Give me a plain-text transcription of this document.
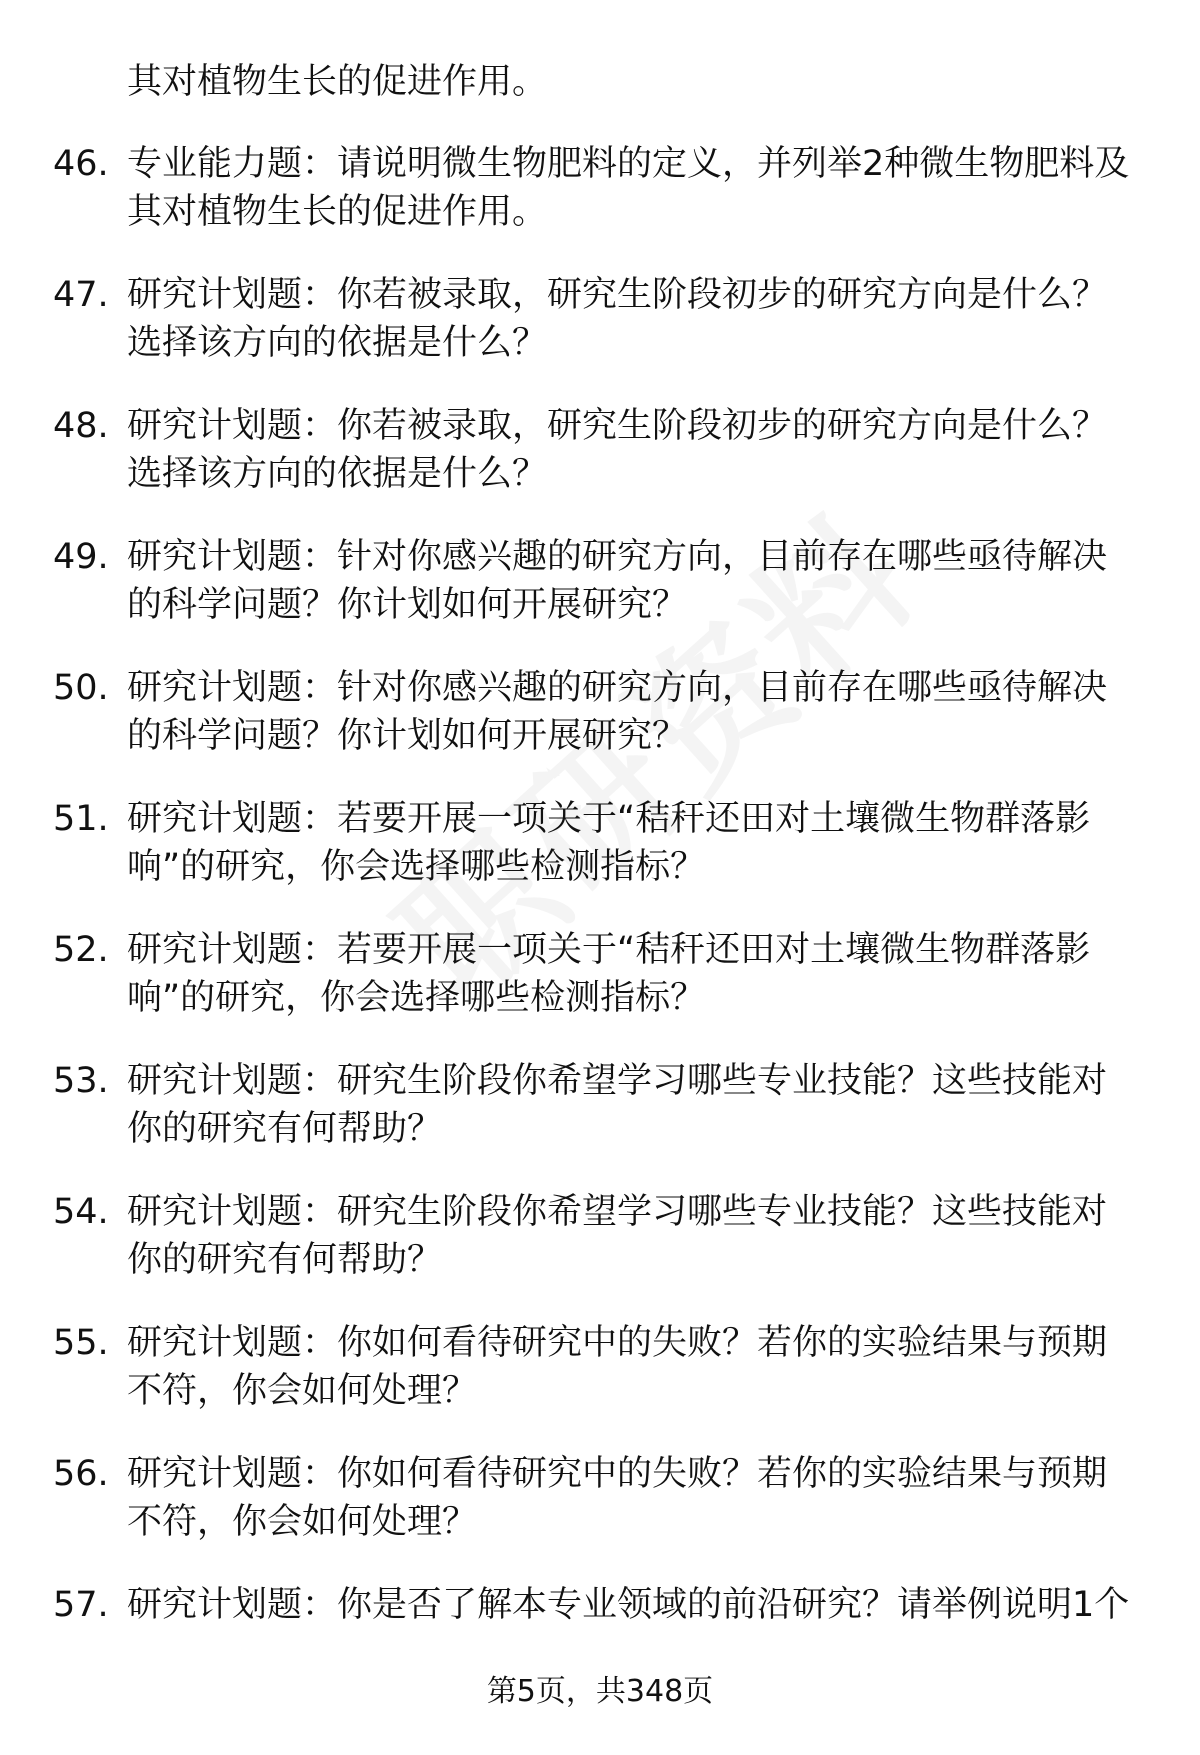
其对植物生长的促进作用。
46. 专业能力题：请说明微生物肥料的定义，并列举2种微生物肥料及
其对植物生长的促进作用。
47. 研究计划题：你若被录取，研究生阶段初步的研究方向是什么？
选择该方向的依据是什么？
48. 研究计划题：你若被录取，研究生阶段初步的研究方向是什么？
选择该方向的依据是什么？
49. 研究计划题：针对你感兴趣的研究方向，目前存在哪些亟待解决
的科学问题？你计划如何开展研究？
50. 研究计划题：针对你感兴趣的研究方向，目前存在哪些亟待解决
的科学问题？你计划如何开展研究？
51. 研究计划题：若要开展一项关于“秸秆还田对土壤微生物群落影
响”的研究，你会选择哪些检测指标？
52. 研究计划题：若要开展一项关于“秸秆还田对土壤微生物群落影
响”的研究，你会选择哪些检测指标？
53. 研究计划题：研究生阶段你希望学习哪些专业技能？这些技能对
你的研究有何帮助？
54. 研究计划题：研究生阶段你希望学习哪些专业技能？这些技能对
你的研究有何帮助？
55. 研究计划题：你如何看待研究中的失败？若你的实验结果与预期
不符，你会如何处理？
56. 研究计划题：你如何看待研究中的失败？若你的实验结果与预期
不符，你会如何处理？
57. 研究计划题：你是否了解本专业领域的前沿研究？请举例说明1个
第5页，共348页
